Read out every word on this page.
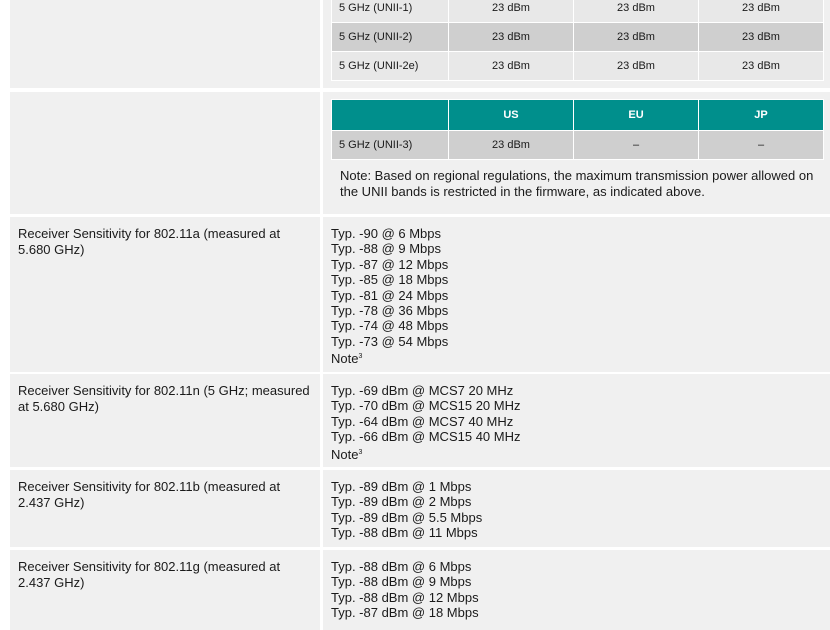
5 GHz (UNII-1)	23 dBm	23 dBm	23 dBm
5 GHz (UNII-2)	23 dBm	23 dBm	23 dBm
5 GHz (UNII-2e)	23 dBm	23 dBm	23 dBm
	US	EU	JP
5 GHz (UNII-3)	23 dBm	–	–
Note: Based on regional regulations, the maximum transmission power allowed on the UNII bands is restricted in the firmware, as indicated above.
Receiver Sensitivity for 802.11a (measured at 5.680 GHz)
Typ. -90 @ 6 Mbps
Typ. -88 @ 9 Mbps
Typ. -87 @ 12 Mbps
Typ. -85 @ 18 Mbps
Typ. -81 @ 24 Mbps
Typ. -78 @ 36 Mbps
Typ. -74 @ 48 Mbps
Typ. -73 @ 54 Mbps
Note$^3$
Receiver Sensitivity for 802.11n (5 GHz; measured at 5.680 GHz)
Typ. -69 dBm @ MCS7 20 MHz
Typ. -70 dBm @ MCS15 20 MHz
Typ. -64 dBm @ MCS7 40 MHz
Typ. -66 dBm @ MCS15 40 MHz
Note$^3$
Receiver Sensitivity for 802.11b (measured at 2.437 GHz)
Typ. -89 dBm @ 1 Mbps
Typ. -89 dBm @ 2 Mbps
Typ. -89 dBm @ 5.5 Mbps
Typ. -88 dBm @ 11 Mbps
Receiver Sensitivity for 802.11g (measured at 2.437 GHz)
Typ. -88 dBm @ 6 Mbps
Typ. -88 dBm @ 9 Mbps
Typ. -88 dBm @ 12 Mbps
Typ. -87 dBm @ 18 Mbps
